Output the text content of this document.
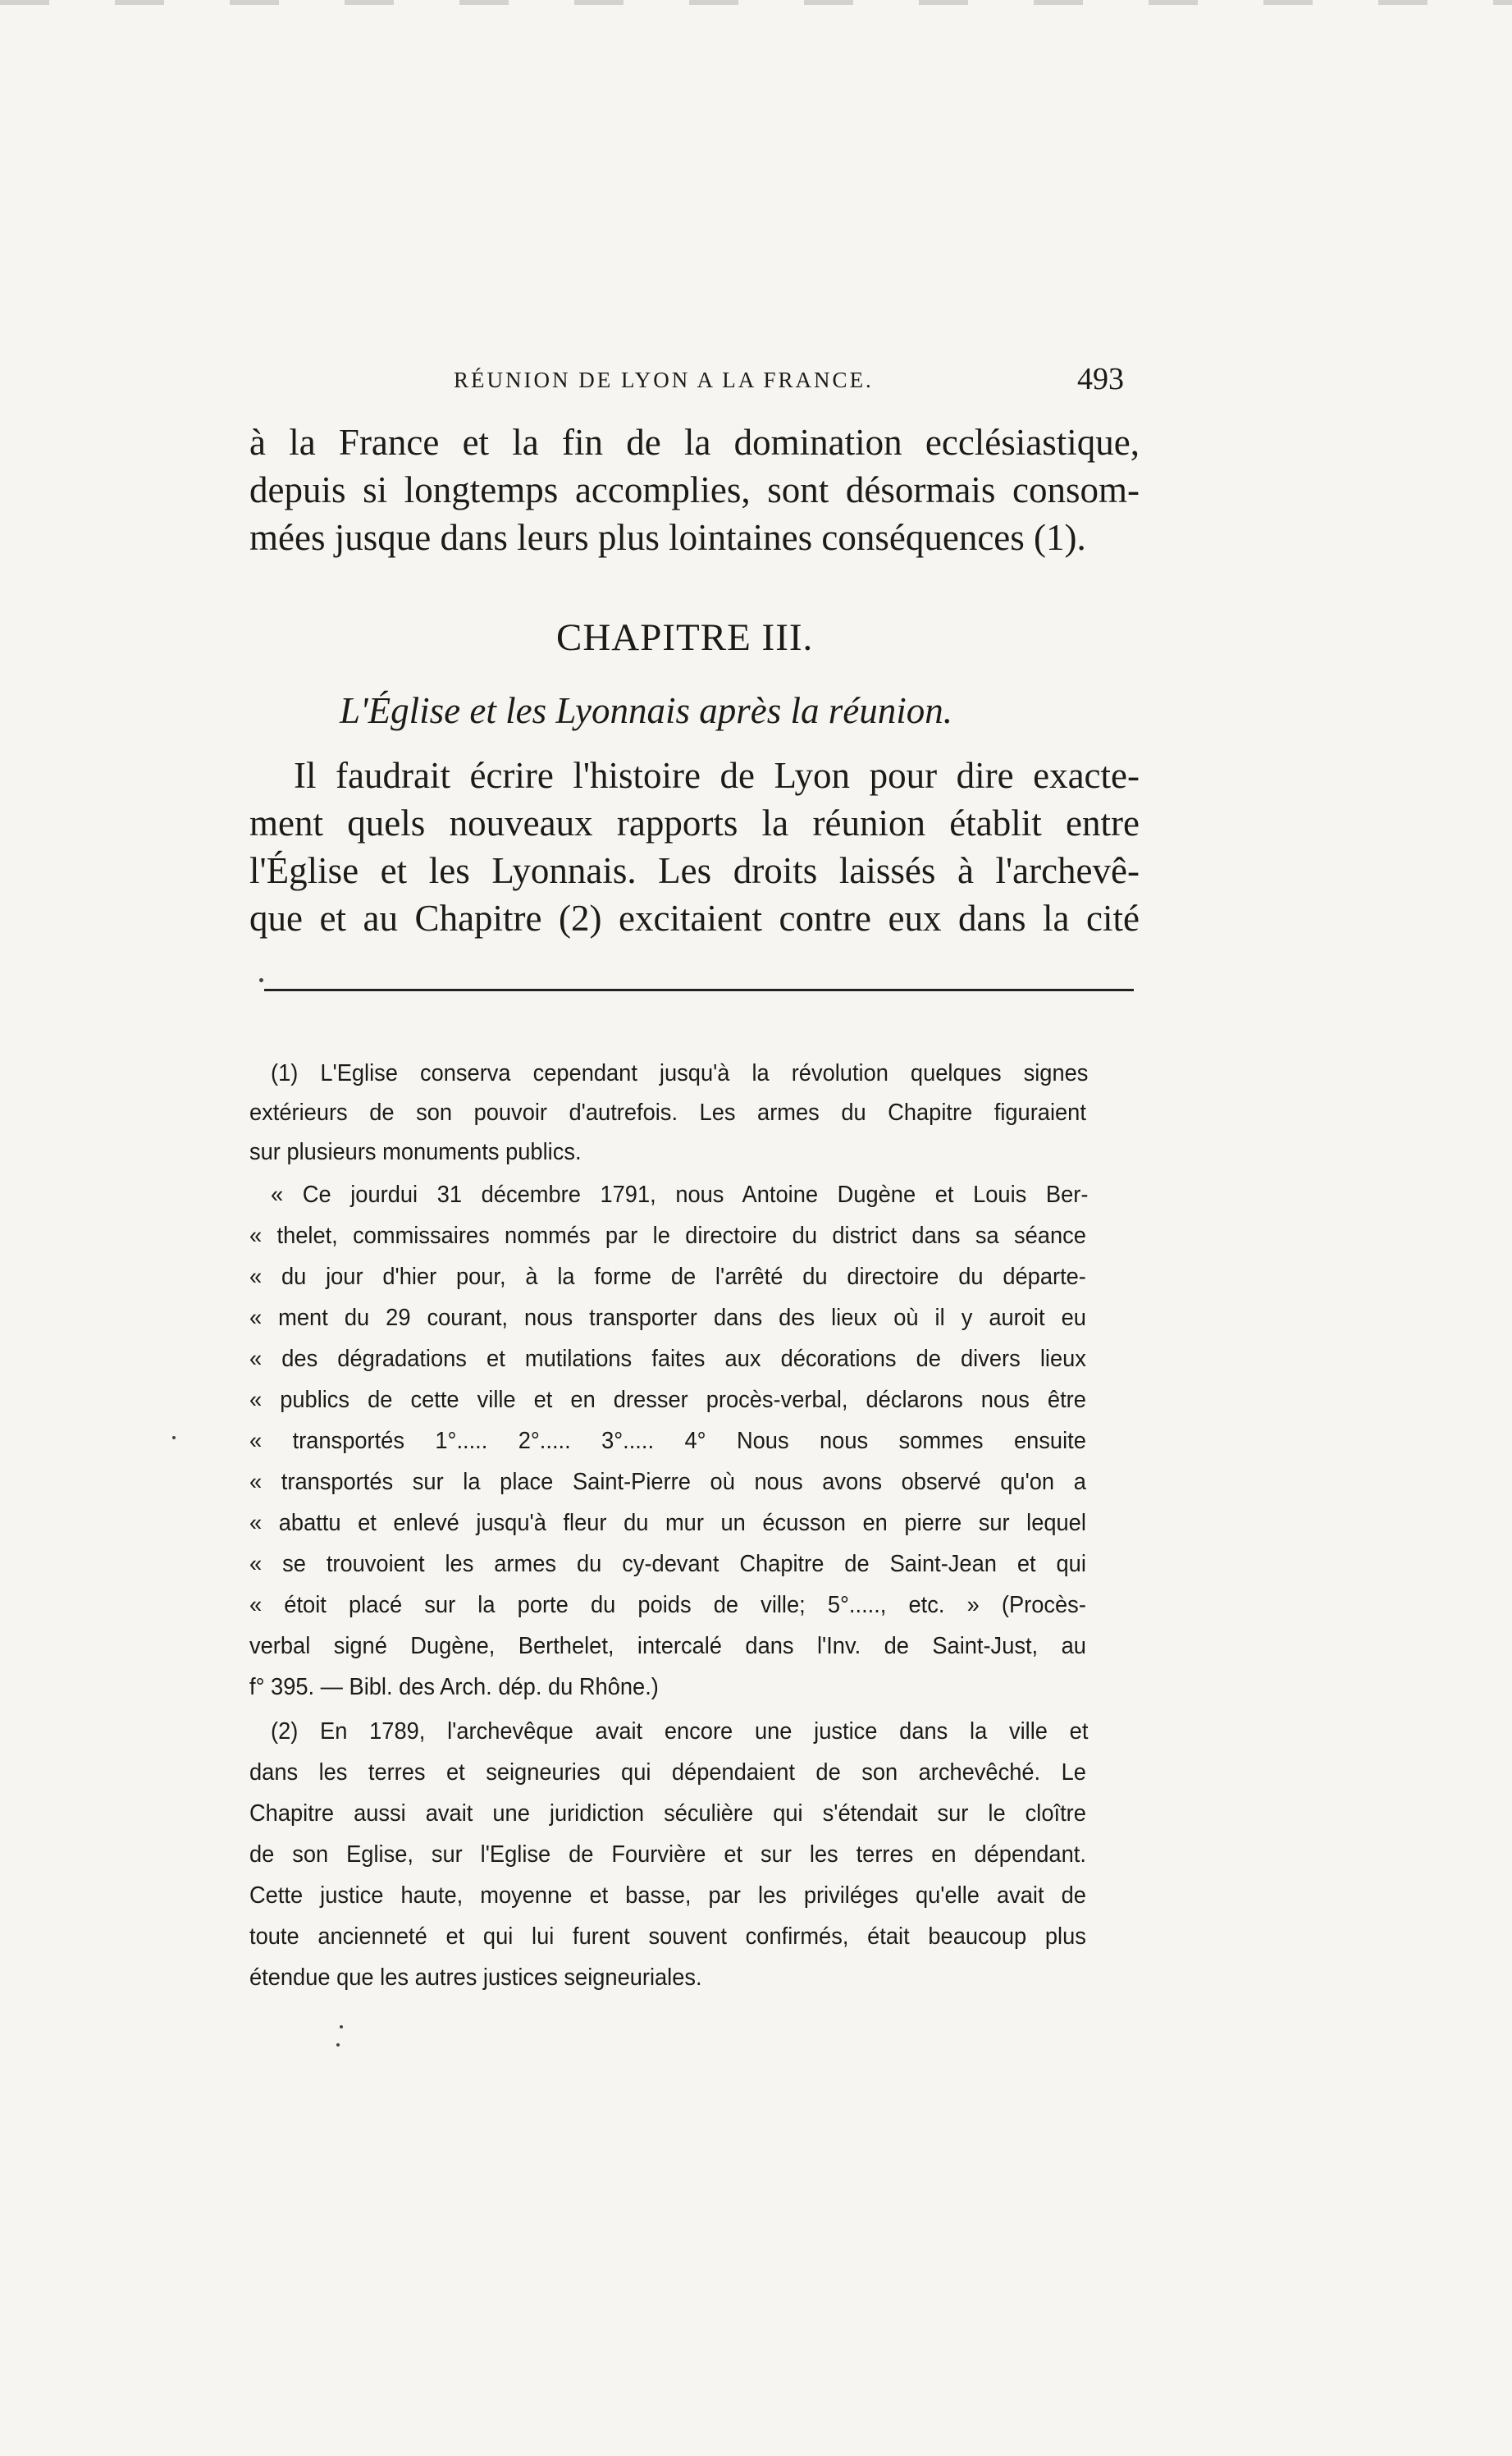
RÉUNION DE LYON A LA FRANCE.	493
à la France et la fin de la domination ecclésiastique,
depuis si longtemps accomplies, sont désormais consom-
mées jusque dans leurs plus lointaines conséquences (1).
CHAPITRE III.
L'Église et les Lyonnais après la réunion.
Il faudrait écrire l'histoire de Lyon pour dire exacte-
ment quels nouveaux rapports la réunion établit entre
l'Église et les Lyonnais. Les droits laissés à l'archevê-
que et au Chapitre (2) excitaient contre eux dans la cité
(1) L'Eglise conserva cependant jusqu'à la révolution quelques signes
extérieurs de son pouvoir d'autrefois. Les armes du Chapitre figuraient
sur plusieurs monuments publics.
« Ce jourdui 31 décembre 1791, nous Antoine Dugène et Louis Ber-
« thelet, commissaires nommés par le directoire du district dans sa séance
« du jour d'hier pour, à la forme de l'arrêté du directoire du départe-
« ment du 29 courant, nous transporter dans des lieux où il y auroit eu
« des dégradations et mutilations faites aux décorations de divers lieux
« publics de cette ville et en dresser procès-verbal, déclarons nous être
« transportés 1°..... 2°..... 3°..... 4° Nous nous sommes ensuite
« transportés sur la place Saint-Pierre où nous avons observé qu'on a
« abattu et enlevé jusqu'à fleur du mur un écusson en pierre sur lequel
« se trouvoient les armes du cy-devant Chapitre de Saint-Jean et qui
« étoit placé sur la porte du poids de ville; 5°....., etc. » (Procès-
verbal signé Dugène, Berthelet, intercalé dans l'Inv. de Saint-Just, au
f° 395. — Bibl. des Arch. dép. du Rhône.)
(2) En 1789, l'archevêque avait encore une justice dans la ville et
dans les terres et seigneuries qui dépendaient de son archevêché. Le
Chapitre aussi avait une juridiction séculière qui s'étendait sur le cloître
de son Eglise, sur l'Eglise de Fourvière et sur les terres en dépendant.
Cette justice haute, moyenne et basse, par les priviléges qu'elle avait de
toute ancienneté et qui lui furent souvent confirmés, était beaucoup plus
étendue que les autres justices seigneuriales.
